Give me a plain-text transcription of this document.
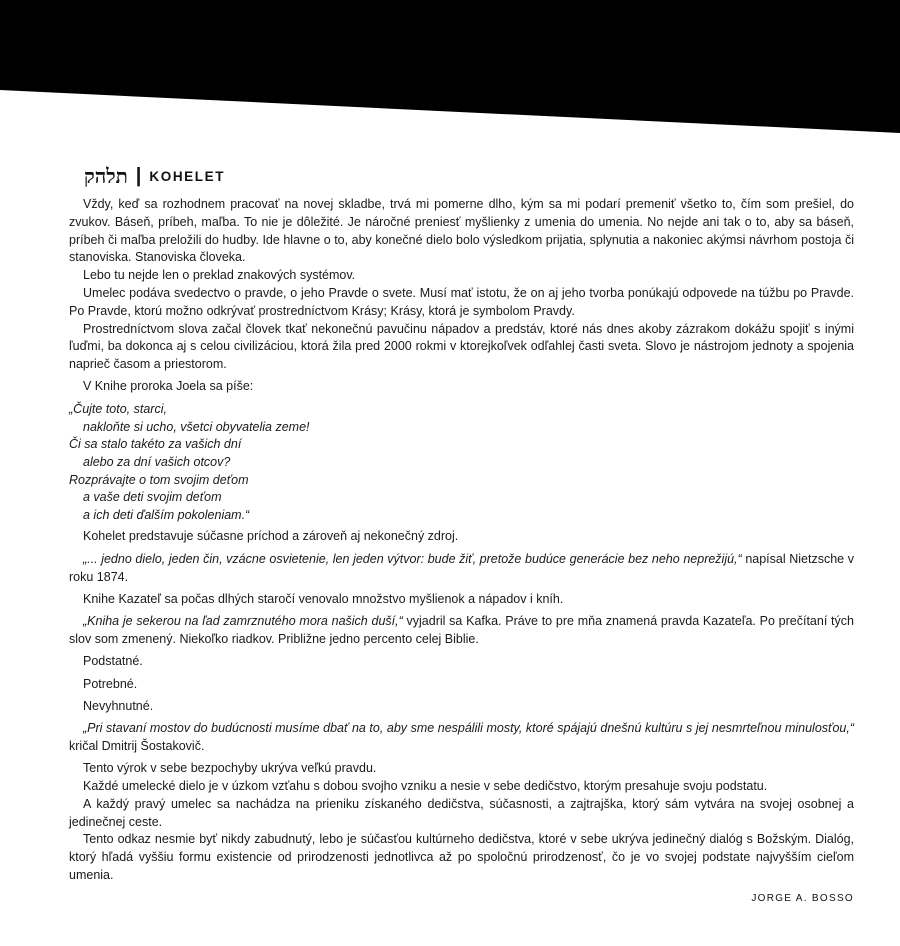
תלהק | KOHELET

Vždy, keď sa rozhodnem pracovať na novej skladbe, trvá mi pomerne dlho, kým sa mi podarí premeniť všetko to, čím som prešiel, do zvukov. Báseň, príbeh, maľba. To nie je dôležité. Je náročné preniesť myšlienky z umenia do umenia. No nejde ani tak o to, aby sa báseň, príbeh či maľba preložili do hudby. Ide hlavne o to, aby konečné dielo bolo výsledkom prijatia, splynutia a nakoniec akýmsi návrhom postoja či stanoviska. Stanoviska človeka.

Lebo tu nejde len o preklad znakových systémov.

Umelec podáva svedectvo o pravde, o jeho Pravde o svete. Musí mať istotu, že on aj jeho tvorba ponúkajú odpovede na túžbu po Pravde. Po Pravde, ktorú možno odkrývať prostredníctvom Krásy; Krásy, ktorá je symbolom Pravdy.

Prostredníctvom slova začal človek tkať nekonečnú pavučinu nápadov a predstáv, ktoré nás dnes akoby zázrakom dokážu spojiť s inými ľuďmi, ba dokonca aj s celou civilizáciou, ktorá žila pred 2000 rokmi v ktorejkoľvek odľahlej časti sveta. Slovo je nástrojom jednoty a spojenia naprieč časom a priestorom.

V Knihe proroka Joela sa píše:

„Čujte toto, starci,
nakloňte si ucho, všetci obyvatelia zeme!
Či sa stalo takéto za vašich dní
alebo za dní vašich otcov?
Rozprávajte o tom svojim deťom
a vaše deti svojim deťom
a ich deti ďalším pokoleniam.“

Kohelet predstavuje súčasne príchod a zároveň aj nekonečný zdroj.

„... jedno dielo, jeden čin, vzácne osvietenie, len jeden výtvor: bude žiť, pretože budúce generácie bez neho neprežijú,“ napísal Nietzsche v roku 1874.

Knihe Kazateľ sa počas dlhých staročí venovalo množstvo myšlienok a nápadov i kníh.

„Kniha je sekerou na ľad zamrznutého mora našich duší,“ vyjadril sa Kafka. Práve to pre mňa znamená pravda Kazateľa. Po prečítaní tých slov som zmenený. Niekoľko riadkov. Približne jedno percento celej Biblie.

Podstatné.

Potrebné.

Nevyhnutné.

„Pri stavaní mostov do budúcnosti musíme dbať na to, aby sme nespálili mosty, ktoré spájajú dnešnú kultúru s jej nesmrteľnou minulosťou,“ kričal Dmitrij Šostakovič.

Tento výrok v sebe bezpochyby ukrýva veľkú pravdu.

Každé umelecké dielo je v úzkom vzťahu s dobou svojho vzniku a nesie v sebe dedičstvo, ktorým presahuje svoju podstatu.

A každý pravý umelec sa nachádza na prieniku získaného dedičstva, súčasnosti, a zajtrajška, ktorý sám vytvára na svojej osobnej a jedinečnej ceste.

Tento odkaz nesmie byť nikdy zabudnutý, lebo je súčasťou kultúrneho dedičstva, ktoré v sebe ukrýva jedinečný dialóg s Božským. Dialóg, ktorý hľadá vyššiu formu existencie od prirodzenosti jednotlivca až po spoločnú prirodzenosť, čo je vo svojej podstate najvyšším cieľom umenia.

JORGE A. BOSSO
